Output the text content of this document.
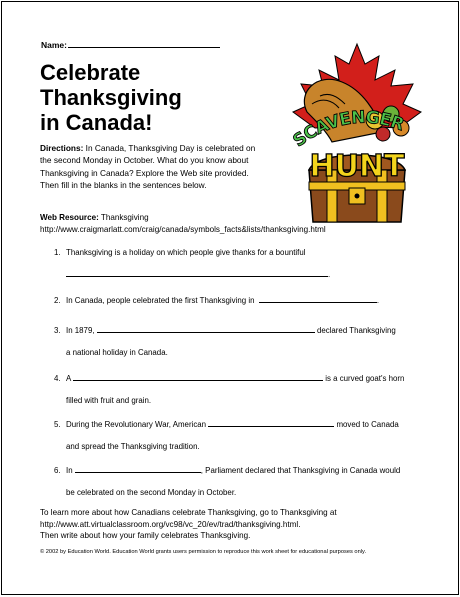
Name:
Celebrate
Thanksgiving
in Canada!
Directions: In Canada, Thanksgiving Day is celebrated on the second Monday in October. What do you know about Thanksgiving in Canada? Explore the Web site provided. Then fill in the blanks in the sentences below.
Web Resource: Thanksgiving
http://www.craigmarlatt.com/craig/canada/symbols_facts&lists/thanksgiving.html
SCAVENGER
HUNT
1. Thanksgiving is a holiday on which people give thanks for a bountiful
.
2. In Canada, people celebrated the first Thanksgiving in	.
3. In 1879,	declared Thanksgiving
a national holiday in Canada.
4. A	is a curved goat's horn
filled with fruit and grain.
5. During the Revolutionary War, American	moved to Canada
and spread the Thanksgiving tradition.
6. In	, Parliament declared that Thanksgiving in Canada would
be celebrated on the second Monday in October.
To learn more about how Canadians celebrate Thanksgiving, go to Thanksgiving at
http://www.att.virtualclassroom.org/vc98/vc_20/ev/trad/thanksgiving.html.
Then write about how your family celebrates Thanksgiving.
© 2002 by Education World. Education World grants users permission to reproduce this work sheet for educational purposes only.
